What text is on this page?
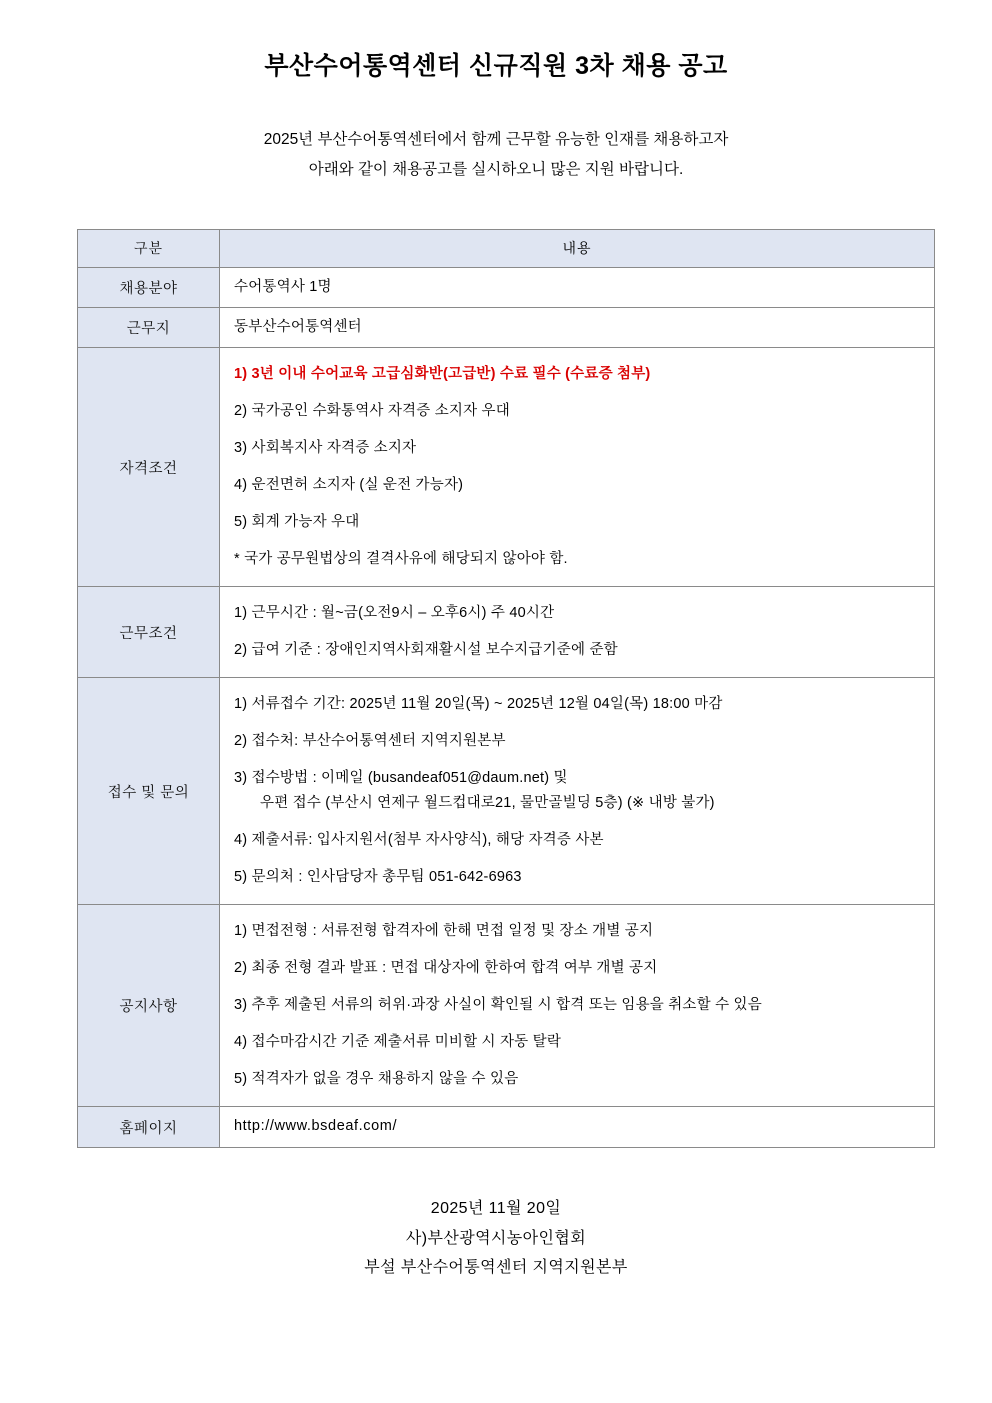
부산수어통역센터 신규직원 3차 채용 공고
2025년 부산수어통역센터에서 함께 근무할 유능한 인재를 채용하고자
아래와 같이 채용공고를 실시하오니 많은 지원 바랍니다.
구분	내용
채용분야	수어통역사 1명

근무지	동부산수어통역센터

자격조건	
1) 3년 이내 수어교육 고급심화반(고급반) 수료 필수 (수료증 첨부)
2) 국가공인 수화통역사 자격증 소지자 우대
3) 사회복지사 자격증 소지자
4) 운전면허 소지자 (실 운전 가능자)
5) 회계 가능자 우대
* 국가 공무원법상의 결격사유에 해당되지 않아야 함.

근무조건	
1) 근무시간 : 월~금(오전9시 – 오후6시) 주 40시간
2) 급여 기준 : 장애인지역사회재활시설 보수지급기준에 준함

접수 및 문의	
1) 서류접수 기간: 2025년 11월 20일(목) ~ 2025년 12월 04일(목) 18:00 마감
2) 접수처: 부산수어통역센터 지역지원본부
3) 접수방법 : 이메일 (busandeaf051@daum.net) 및
우편 접수 (부산시 연제구 월드컵대로21, 물만골빌딩 5층) (※ 내방 불가)
4) 제출서류: 입사지원서(첨부 자사양식), 해당 자격증 사본
5) 문의처 : 인사담당자 총무팀 051-642-6963

공지사항	
1) 면접전형 : 서류전형 합격자에 한해 면접 일정 및 장소 개별 공지
2) 최종 전형 결과 발표 : 면접 대상자에 한하여 합격 여부 개별 공지
3) 추후 제출된 서류의 허위·과장 사실이 확인될 시 합격 또는 임용을 취소할 수 있음
4) 접수마감시간 기준 제출서류 미비할 시 자동 탈락
5) 적격자가 없을 경우 채용하지 않을 수 있음

홈페이지	http://www.bsdeaf.com/
2025년 11월 20일
사)부산광역시농아인협회
부설 부산수어통역센터 지역지원본부
